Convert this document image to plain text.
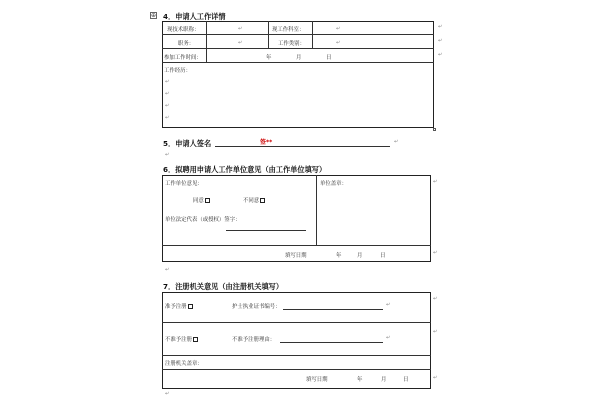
⊕ 4．申请人工作详情
现技术职称：	现工作科室：
职务：	工作类别：
参加工作时间：	年	月	日
工作经历：
↵	↵
↵	↵
↵
↵
↵
↵
↵
↵
↵
5．申请人签名	签**	↵
↵
6．拟聘用申请人工作单位意见（由工作单位填写）
工作单位意见：
同意	不同意
单位法定代表（或授权）签字：
单位盖章：
填写日期	年	月	日
↵
↵
↵
7．注册机关意见（由注册机关填写）
准予注册	护士执业证书编号：	↵
不准予注册	不准予注册理由：	↵
注册机关盖章：
填写日期	年	月	日
↵
↵
↵
↵
